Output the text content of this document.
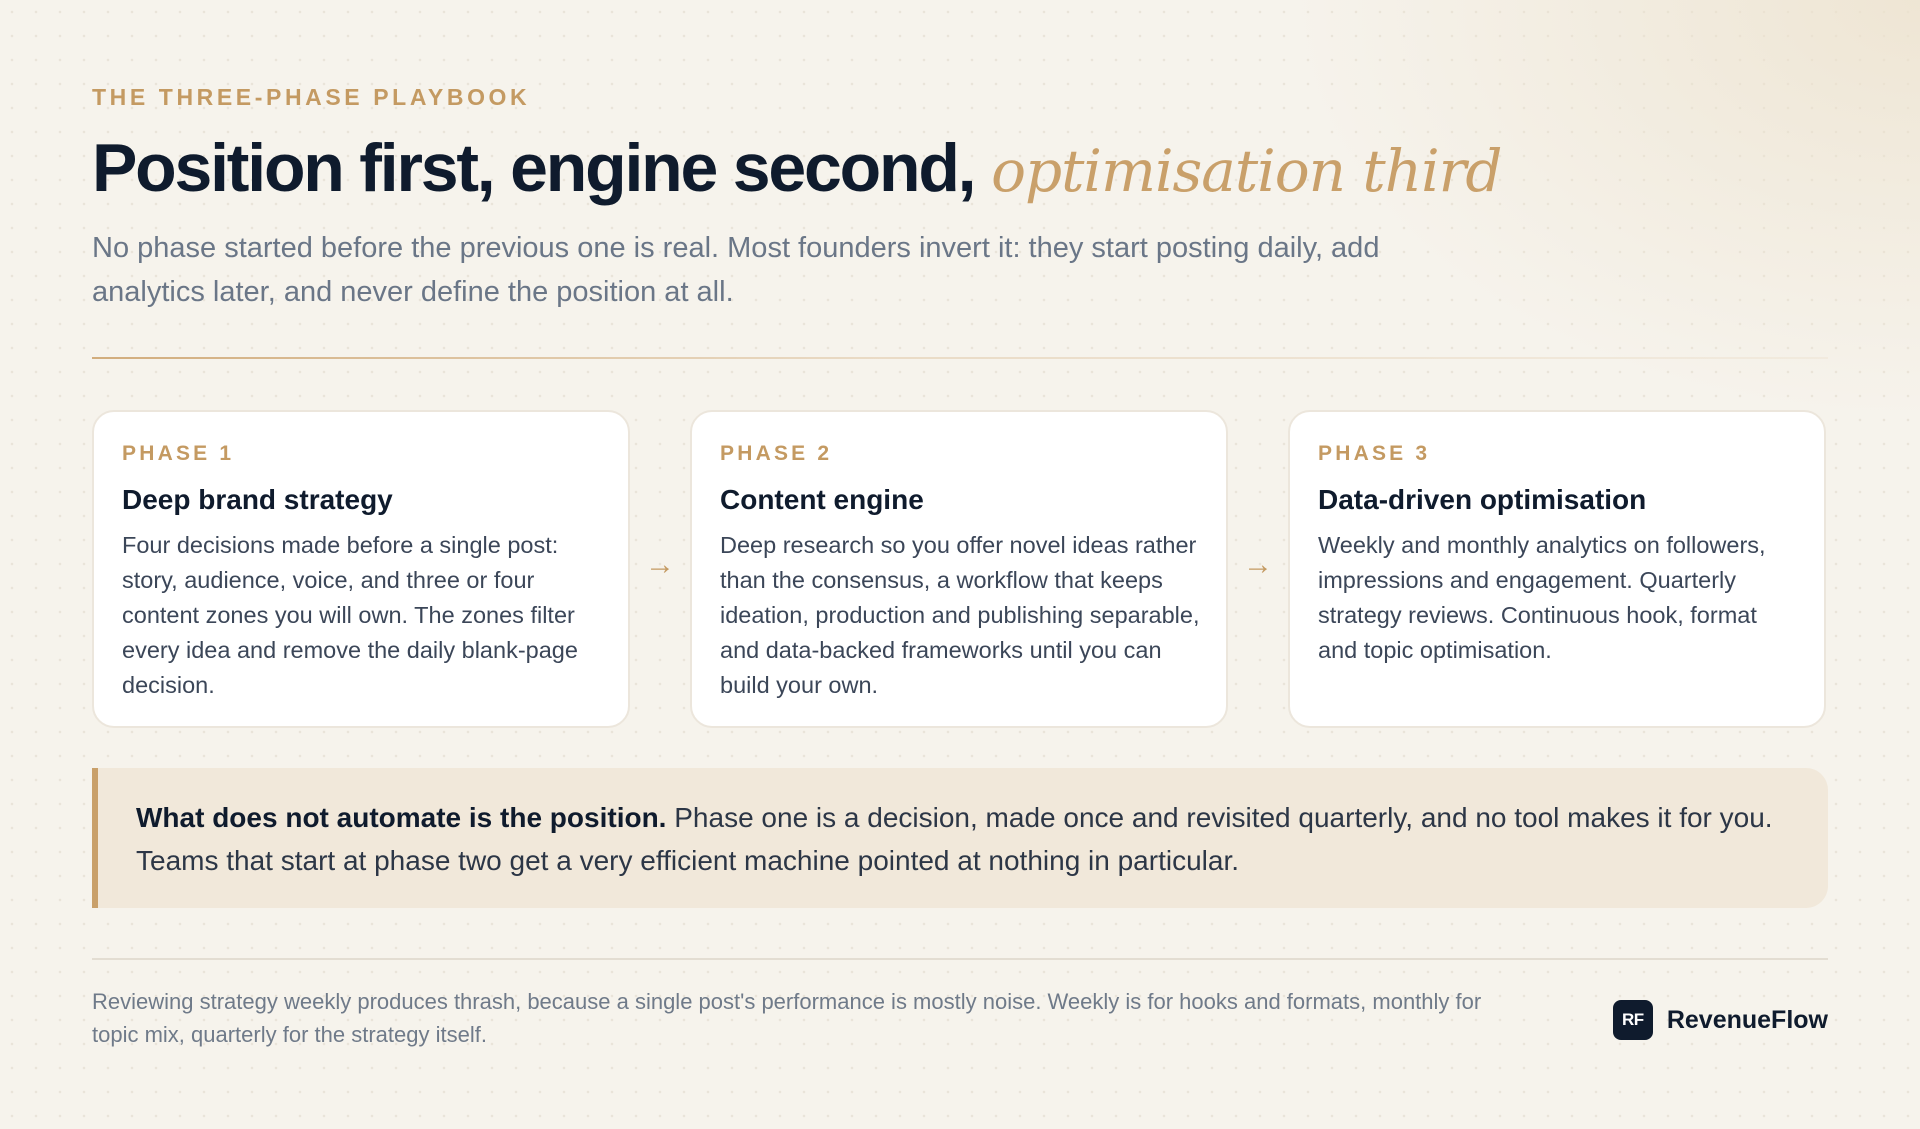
THE THREE-PHASE PLAYBOOK
Position first, engine second, optimisation third

No phase started before the previous one is real. Most founders invert it: they start posting daily, add analytics later, and never define the position at all.

PHASE 1
Deep brand strategy
Four decisions made before a single post: story, audience, voice, and three or four content zones you will own. The zones filter every idea and remove the daily blank-page decision.
→
PHASE 2
Content engine
Deep research so you offer novel ideas rather than the consensus, a workflow that keeps ideation, production and publishing separable, and data-backed frameworks until you can build your own.
→
PHASE 3
Data-driven optimisation
Weekly and monthly analytics on followers, impressions and engagement. Quarterly strategy reviews. Continuous hook, format and topic optimisation.
What does not automate is the position. Phase one is a decision, made once and revisited quarterly, and no tool makes it for you. Teams that start at phase two get a very efficient machine pointed at nothing in particular.

Reviewing strategy weekly produces thrash, because a single post's performance is mostly noise. Weekly is for hooks and formats, monthly for topic mix, quarterly for the strategy itself.

RF RevenueFlow
